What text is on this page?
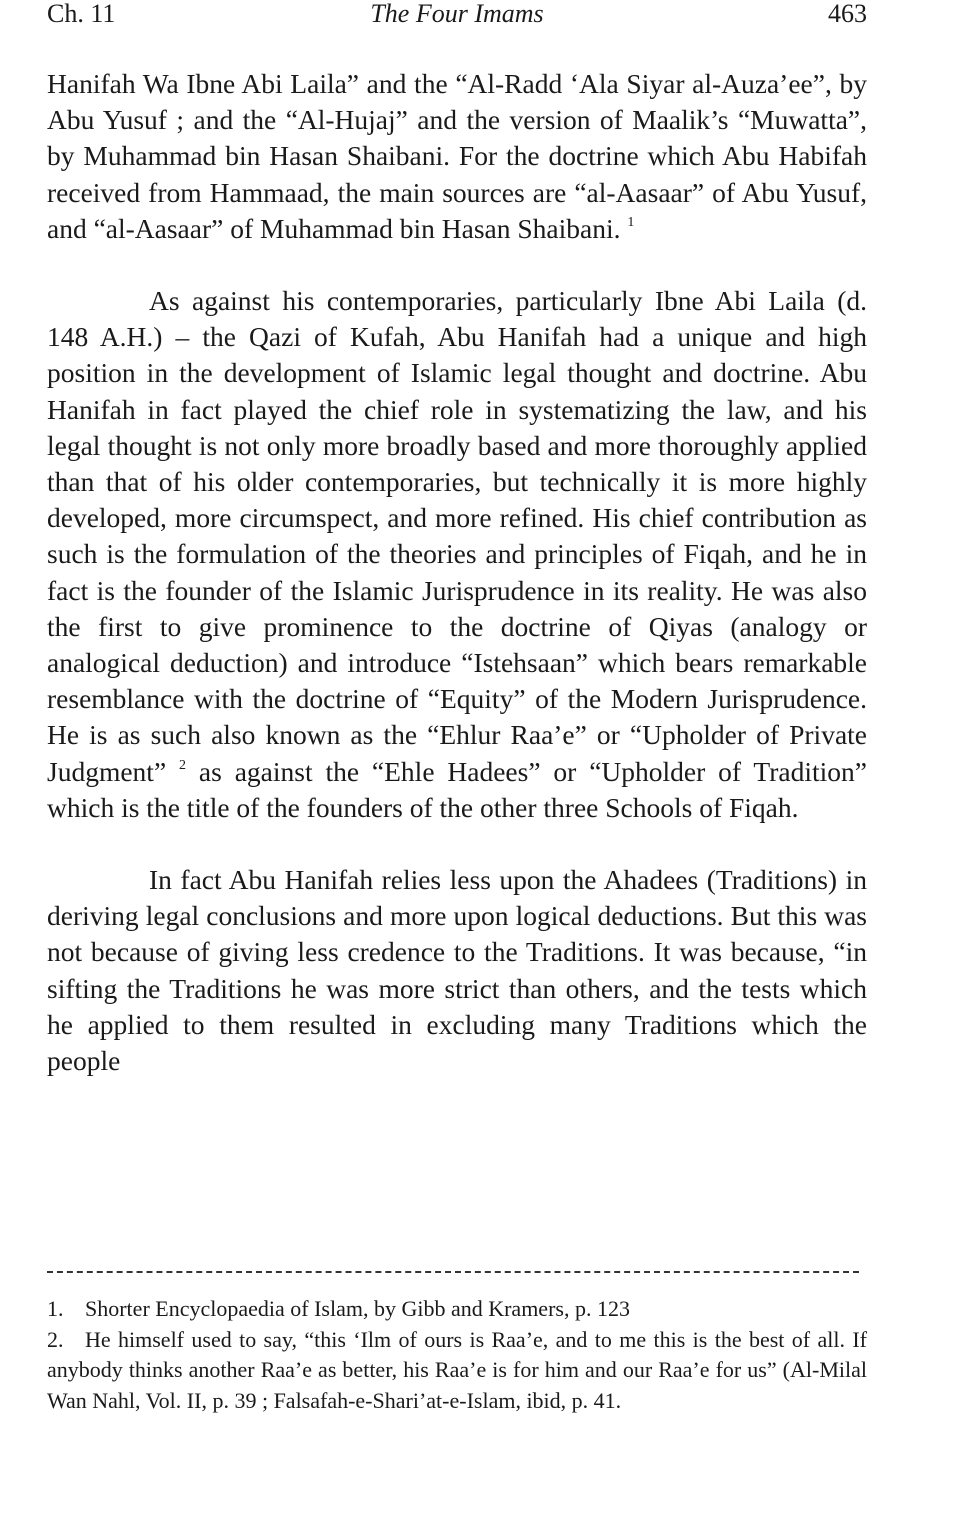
Ch. 11	The Four Imams	463

Hanifah Wa Ibne Abi Laila” and the “Al-Radd ‘Ala Siyar al-Auza’ee”, by Abu Yusuf ; and the “Al-Hujaj” and the version of Maalik’s “Muwatta”, by Muhammad bin Hasan Shaibani. For the doctrine which Abu Habifah received from Hammaad, the main sources are “al-Aasaar” of Abu Yusuf, and “al-Aasaar” of Muhammad bin Hasan Shaibani. $^1$

As against his contemporaries, particularly Ibne Abi Laila (d. 148 A.H.) – the Qazi of Kufah, Abu Hanifah had a unique and high position in the development of Islamic legal thought and doctrine. Abu Hanifah in fact played the chief role in systematizing the law, and his legal thought is not only more broadly based and more thoroughly applied than that of his older contemporaries, but technically it is more highly developed, more circumspect, and more refined. His chief contribution as such is the formulation of the theories and principles of Fiqah, and he in fact is the founder of the Islamic Jurisprudence in its reality. He was also the first to give prominence to the doctrine of Qiyas (analogy or analogical deduction) and introduce “Istehsaan” which bears remarkable resemblance with the doctrine of “Equity” of the Modern Jurisprudence. He is as such also known as the “Ehlur Raa’e” or “Upholder of Private Judgment” $^2$ as against the “Ehle Hadees” or “Upholder of Tradition” which is the title of the founders of the other three Schools of Fiqah.

In fact Abu Hanifah relies less upon the Ahadees (Traditions) in deriving legal conclusions and more upon logical deductions. But this was not because of giving less credence to the Traditions. It was because, “in sifting the Traditions he was more strict than others, and the tests which he applied to them resulted in excluding many Traditions which the people

1. Shorter Encyclopaedia of Islam, by Gibb and Kramers, p. 123

2. He himself used to say, “this ‘Ilm of ours is Raa’e, and to me this is the best of all. If anybody thinks another Raa’e as better, his Raa’e is for him and our Raa’e for us” (Al-Milal Wan Nahl, Vol. II, p. 39 ; Falsafah-e-Shari’at-e-Islam, ibid, p. 41.
